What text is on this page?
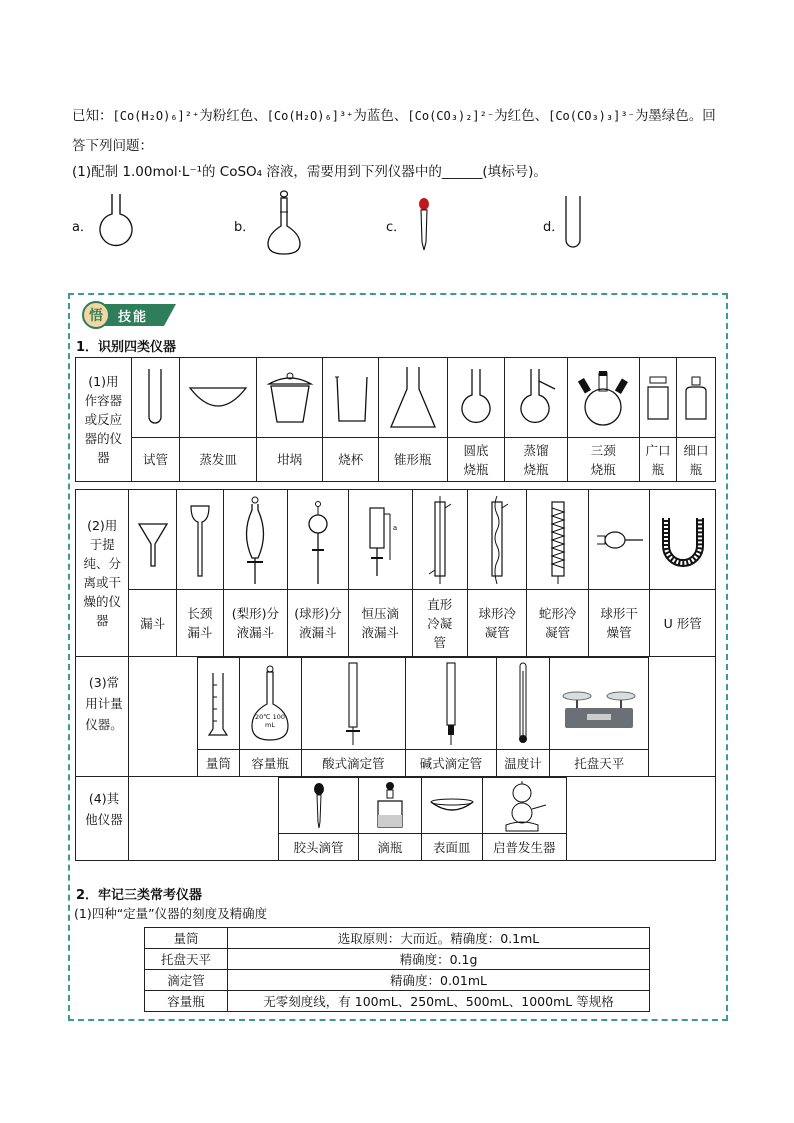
已知：[Co(H₂O)₆]²⁺为粉红色、[Co(H₂O)₆]³⁺为蓝色、[Co(CO₃)₂]²⁻为红色、[Co(CO₃)₃]³⁻为墨绿色。回
答下列问题：
(1)配制 1.00mol·L⁻¹的 CoSO₄ 溶液，需要用到下列仪器中的______(填标号)。
a．	b．	c．	d．
悟 技能
1．识别四类仪器
(1)用作容器或反应器的仪器

	试管	蒸发皿	坩埚	烧杯	锥形瓶	圆底烧瓶	蒸馏烧瓶	三颈烧瓶	广口瓶	细口瓶
(2)用于提纯、分离或干燥的仪器					a

	漏斗	长颈漏斗	(梨形)分液漏斗	(球形)分液漏斗	恒压滴液漏斗	直形冷凝管	球形冷凝管	蛇形冷凝管	球形干燥管	U 形管
(3)常用计量仪器。
(4)其他仪器

量筒	容量瓶	酸式滴定管	碱式滴定管	温度计	托盘天平
20℃ 100 mL

胶头滴管	滴瓶	表面皿	启普发生器
2．牢记三类常考仪器
(1)四种“定量”仪器的刻度及精确度
量筒	选取原则：大而近。精确度：0.1mL
托盘天平	精确度：0.1g
滴定管	精确度：0.01mL
容量瓶	无零刻度线，有 100mL、250mL、500mL、1000mL 等规格
